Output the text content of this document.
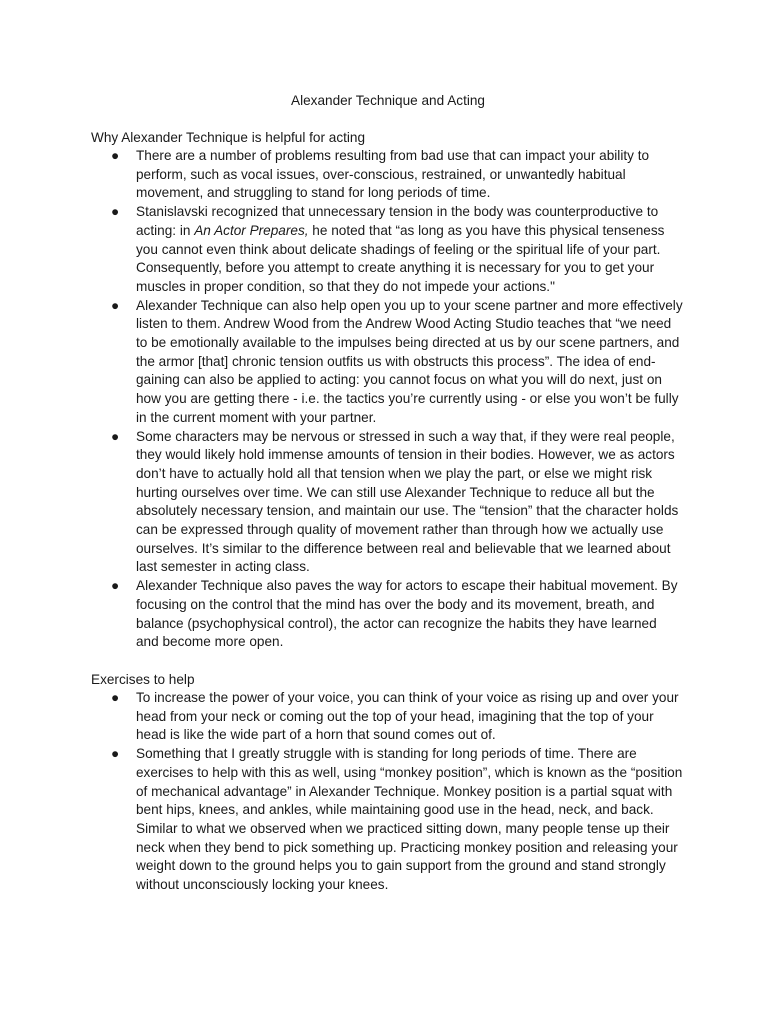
Alexander Technique and Acting
Why Alexander Technique is helpful for acting
● There are a number of problems resulting from bad use that can impact your ability to perform, such as vocal issues, over-conscious, restrained, or unwantedly habitual movement, and struggling to stand for long periods of time.
● Stanislavski recognized that unnecessary tension in the body was counterproductive to acting: in An Actor Prepares, he noted that “as long as you have this physical tenseness you cannot even think about delicate shadings of feeling or the spiritual life of your part. Consequently, before you attempt to create anything it is necessary for you to get your muscles in proper condition, so that they do not impede your actions."
● Alexander Technique can also help open you up to your scene partner and more effectively listen to them. Andrew Wood from the Andrew Wood Acting Studio teaches that “we need to be emotionally available to the impulses being directed at us by our scene partners, and the armor [that] chronic tension outfits us with obstructs this process”. The idea of end-gaining can also be applied to acting: you cannot focus on what you will do next, just on how you are getting there - i.e. the tactics you’re currently using - or else you won’t be fully in the current moment with your partner.
● Some characters may be nervous or stressed in such a way that, if they were real people, they would likely hold immense amounts of tension in their bodies. However, we as actors don’t have to actually hold all that tension when we play the part, or else we might risk hurting ourselves over time. We can still use Alexander Technique to reduce all but the absolutely necessary tension, and maintain our use. The “tension” that the character holds can be expressed through quality of movement rather than through how we actually use ourselves. It’s similar to the difference between real and believable that we learned about last semester in acting class.
● Alexander Technique also paves the way for actors to escape their habitual movement. By focusing on the control that the mind has over the body and its movement, breath, and balance (psychophysical control), the actor can recognize the habits they have learned and become more open.
Exercises to help
● To increase the power of your voice, you can think of your voice as rising up and over your head from your neck or coming out the top of your head, imagining that the top of your head is like the wide part of a horn that sound comes out of.
● Something that I greatly struggle with is standing for long periods of time. There are exercises to help with this as well, using “monkey position”, which is known as the “position of mechanical advantage” in Alexander Technique. Monkey position is a partial squat with bent hips, knees, and ankles, while maintaining good use in the head, neck, and back. Similar to what we observed when we practiced sitting down, many people tense up their neck when they bend to pick something up. Practicing monkey position and releasing your weight down to the ground helps you to gain support from the ground and stand strongly without unconsciously locking your knees.
